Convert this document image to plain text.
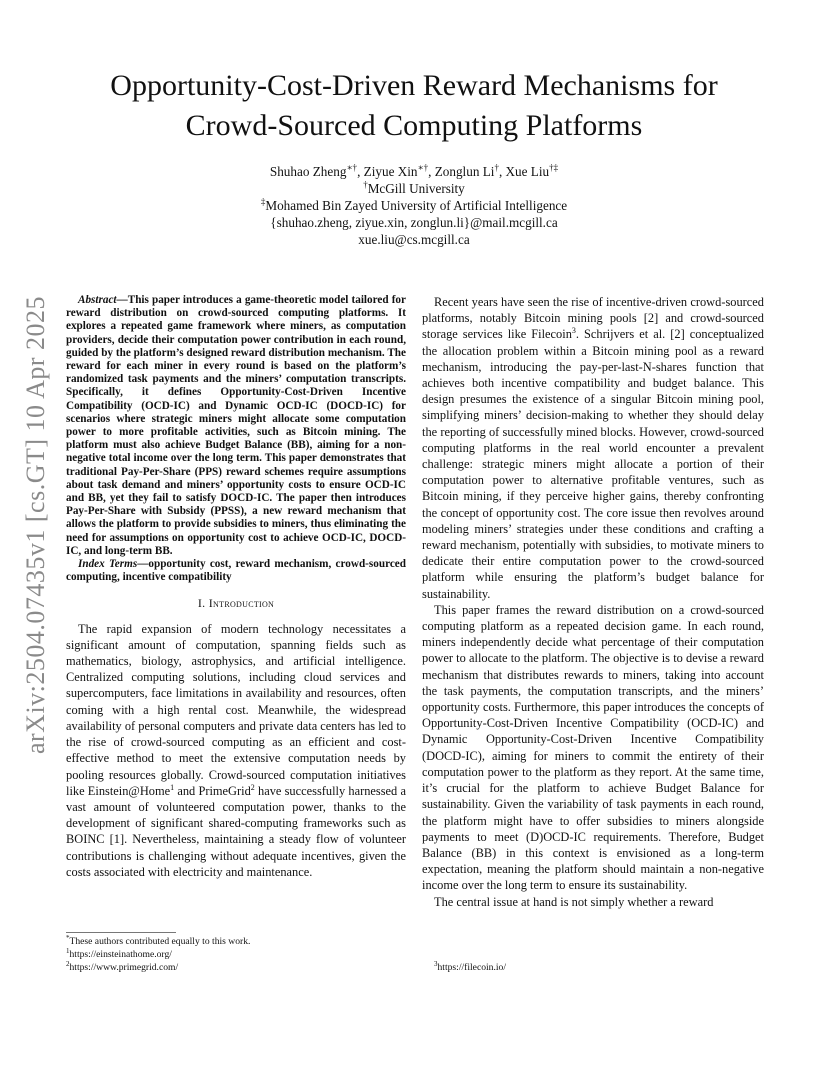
arXiv:2504.07435v1 [cs.GT] 10 Apr 2025
Opportunity-Cost-Driven Reward Mechanisms for
Crowd-Sourced Computing Platforms
Shuhao Zheng∗†, Ziyue Xin∗†, Zonglun Li†, Xue Liu†‡
†McGill University
‡Mohamed Bin Zayed University of Artificial Intelligence
{shuhao.zheng, ziyue.xin, zonglun.li}@mail.mcgill.ca
xue.liu@cs.mcgill.ca

Abstract—This paper introduces a game-theoretic model tailored for reward distribution on crowd-sourced computing platforms. It explores a repeated game framework where miners, as computation providers, decide their computation power contribution in each round, guided by the platform’s designed reward distribution mechanism. The reward for each miner in every round is based on the platform’s randomized task payments and the miners’ computation transcripts. Specifically, it defines Opportunity-Cost-Driven Incentive Compatibility (OCD-IC) and Dynamic OCD-IC (DOCD-IC) for scenarios where strategic miners might allocate some computation power to more profitable activities, such as Bitcoin mining. The platform must also achieve Budget Balance (BB), aiming for a non-negative total income over the long term. This paper demonstrates that traditional Pay-Per-Share (PPS) reward schemes require assumptions about task demand and miners’ opportunity costs to ensure OCD-IC and BB, yet they fail to satisfy DOCD-IC. The paper then introduces Pay-Per-Share with Subsidy (PPSS), a new reward mechanism that allows the platform to provide subsidies to miners, thus eliminating the need for assumptions on opportunity cost to achieve OCD-IC, DOCD-IC, and long-term BB.

Index Terms—opportunity cost, reward mechanism, crowd-sourced computing, incentive compatibility

I. Introduction

The rapid expansion of modern technology necessitates a significant amount of computation, spanning fields such as mathematics, biology, astrophysics, and artificial intelligence. Centralized computing solutions, including cloud services and supercomputers, face limitations in availability and resources, often coming with a high rental cost. Meanwhile, the widespread availability of personal computers and private data centers has led to the rise of crowd-sourced computing as an efficient and cost-effective method to meet the extensive computation needs by pooling resources globally. Crowd-sourced computation initiatives like Einstein@Home$^1$ and PrimeGrid$^2$ have successfully harnessed a vast amount of volunteered computation power, thanks to the development of significant shared-computing frameworks such as BOINC [1]. Nevertheless, maintaining a steady flow of volunteer contributions is challenging without adequate incentives, given the costs associated with electricity and maintenance.

Recent years have seen the rise of incentive-driven crowd-sourced platforms, notably Bitcoin mining pools [2] and crowd-sourced storage services like Filecoin$^3$. Schrijvers et al. [2] conceptualized the allocation problem within a Bitcoin mining pool as a reward mechanism, introducing the pay-per-last-N-shares function that achieves both incentive compatibility and budget balance. This design presumes the existence of a singular Bitcoin mining pool, simplifying miners’ decision-making to whether they should delay the reporting of successfully mined blocks. However, crowd-sourced computing platforms in the real world encounter a prevalent challenge: strategic miners might allocate a portion of their computation power to alternative profitable ventures, such as Bitcoin mining, if they perceive higher gains, thereby confronting the concept of opportunity cost. The core issue then revolves around modeling miners’ strategies under these conditions and crafting a reward mechanism, potentially with subsidies, to motivate miners to dedicate their entire computation power to the crowd-sourced platform while ensuring the platform’s budget balance for sustainability.

This paper frames the reward distribution on a crowd-sourced computing platform as a repeated decision game. In each round, miners independently decide what percentage of their computation power to allocate to the platform. The objective is to devise a reward mechanism that distributes rewards to miners, taking into account the task payments, the computation transcripts, and the miners’ opportunity costs. Furthermore, this paper introduces the concepts of Opportunity-Cost-Driven Incentive Compatibility (OCD-IC) and Dynamic Opportunity-Cost-Driven Incentive Compatibility (DOCD-IC), aiming for miners to commit the entirety of their computation power to the platform as they report. At the same time, it’s crucial for the platform to achieve Budget Balance for sustainability. Given the variability of task payments in each round, the platform might have to offer subsidies to miners alongside payments to meet (D)OCD-IC requirements. Therefore, Budget Balance (BB) in this context is envisioned as a long-term expectation, meaning the platform should maintain a non-negative income over the long term to ensure its sustainability.

The central issue at hand is not simply whether a reward

*These authors contributed equally to this work.
$^1$https://einsteinathome.org/
$^2$https://www.primegrid.com/	$^3$https://filecoin.io/
